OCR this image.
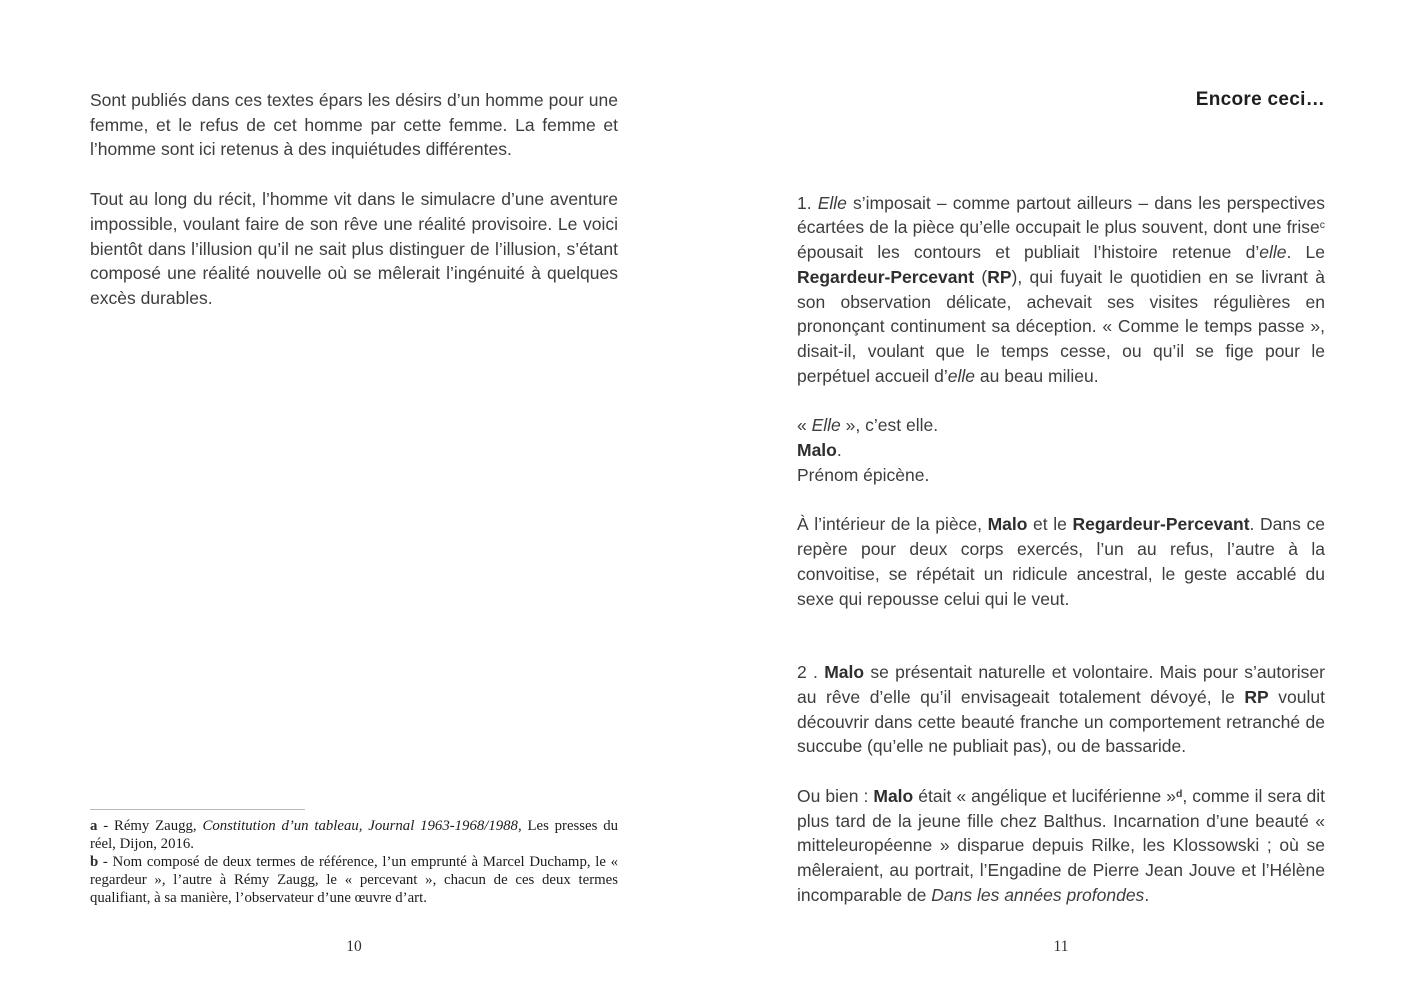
Sont publiés dans ces textes épars les désirs d’un homme pour une femme, et le refus de cet homme par cette femme. La femme et l’homme sont ici retenus à des inquiétudes différentes.

Tout au long du récit, l’homme vit dans le simulacre d’une aventure impossible, voulant faire de son rêve une réalité provisoire. Le voici bientôt dans l’illusion qu’il ne sait plus distinguer de l’illusion, s’étant composé une réalité nouvelle où se mêlerait l’ingénuité à quelques excès durables.

a - Rémy Zaugg, Constitution d’un tableau, Journal 1963-1968/1988, Les presses du réel, Dijon, 2016.

b - Nom composé de deux termes de référence, l’un emprunté à Marcel Duchamp, le « regardeur », l’autre à Rémy Zaugg, le « percevant », chacun de ces deux termes qualifiant, à sa manière, l’observateur d’une œuvre d’art.

10
Encore ceci…

1. Elle s’imposait – comme partout ailleurs – dans les perspectives écartées de la pièce qu’elle occupait le plus souvent, dont une frise$^c$ épousait les contours et publiait l’histoire retenue d’elle. Le Regardeur-Percevant (RP), qui fuyait le quotidien en se livrant à son observation délicate, achevait ses visites régulières en prononçant continument sa déception. « Comme le temps passe », disait-il, voulant que le temps cesse, ou qu’il se fige pour le perpétuel accueil d’elle au beau milieu.

« Elle », c’est elle.

Malo.

Prénom épicène.

À l’intérieur de la pièce, Malo et le Regardeur-Percevant. Dans ce repère pour deux corps exercés, l’un au refus, l’autre à la convoitise, se répétait un ridicule ancestral, le geste accablé du sexe qui repousse celui qui le veut.

2 . Malo se présentait naturelle et volontaire. Mais pour s’autoriser au rêve d’elle qu’il envisageait totalement dévoyé, le RP voulut découvrir dans cette beauté franche un comportement retranché de succube (qu’elle ne publiait pas), ou de bassaride.

Ou bien : Malo était « angélique et luciférienne »$^d$, comme il sera dit plus tard de la jeune fille chez Balthus. Incarnation d’une beauté « mitteleuropéenne » disparue depuis Rilke, les Klossowski ; où se mêleraient, au portrait, l’Engadine de Pierre Jean Jouve et l’Hélène incomparable de Dans les années profondes.

11
